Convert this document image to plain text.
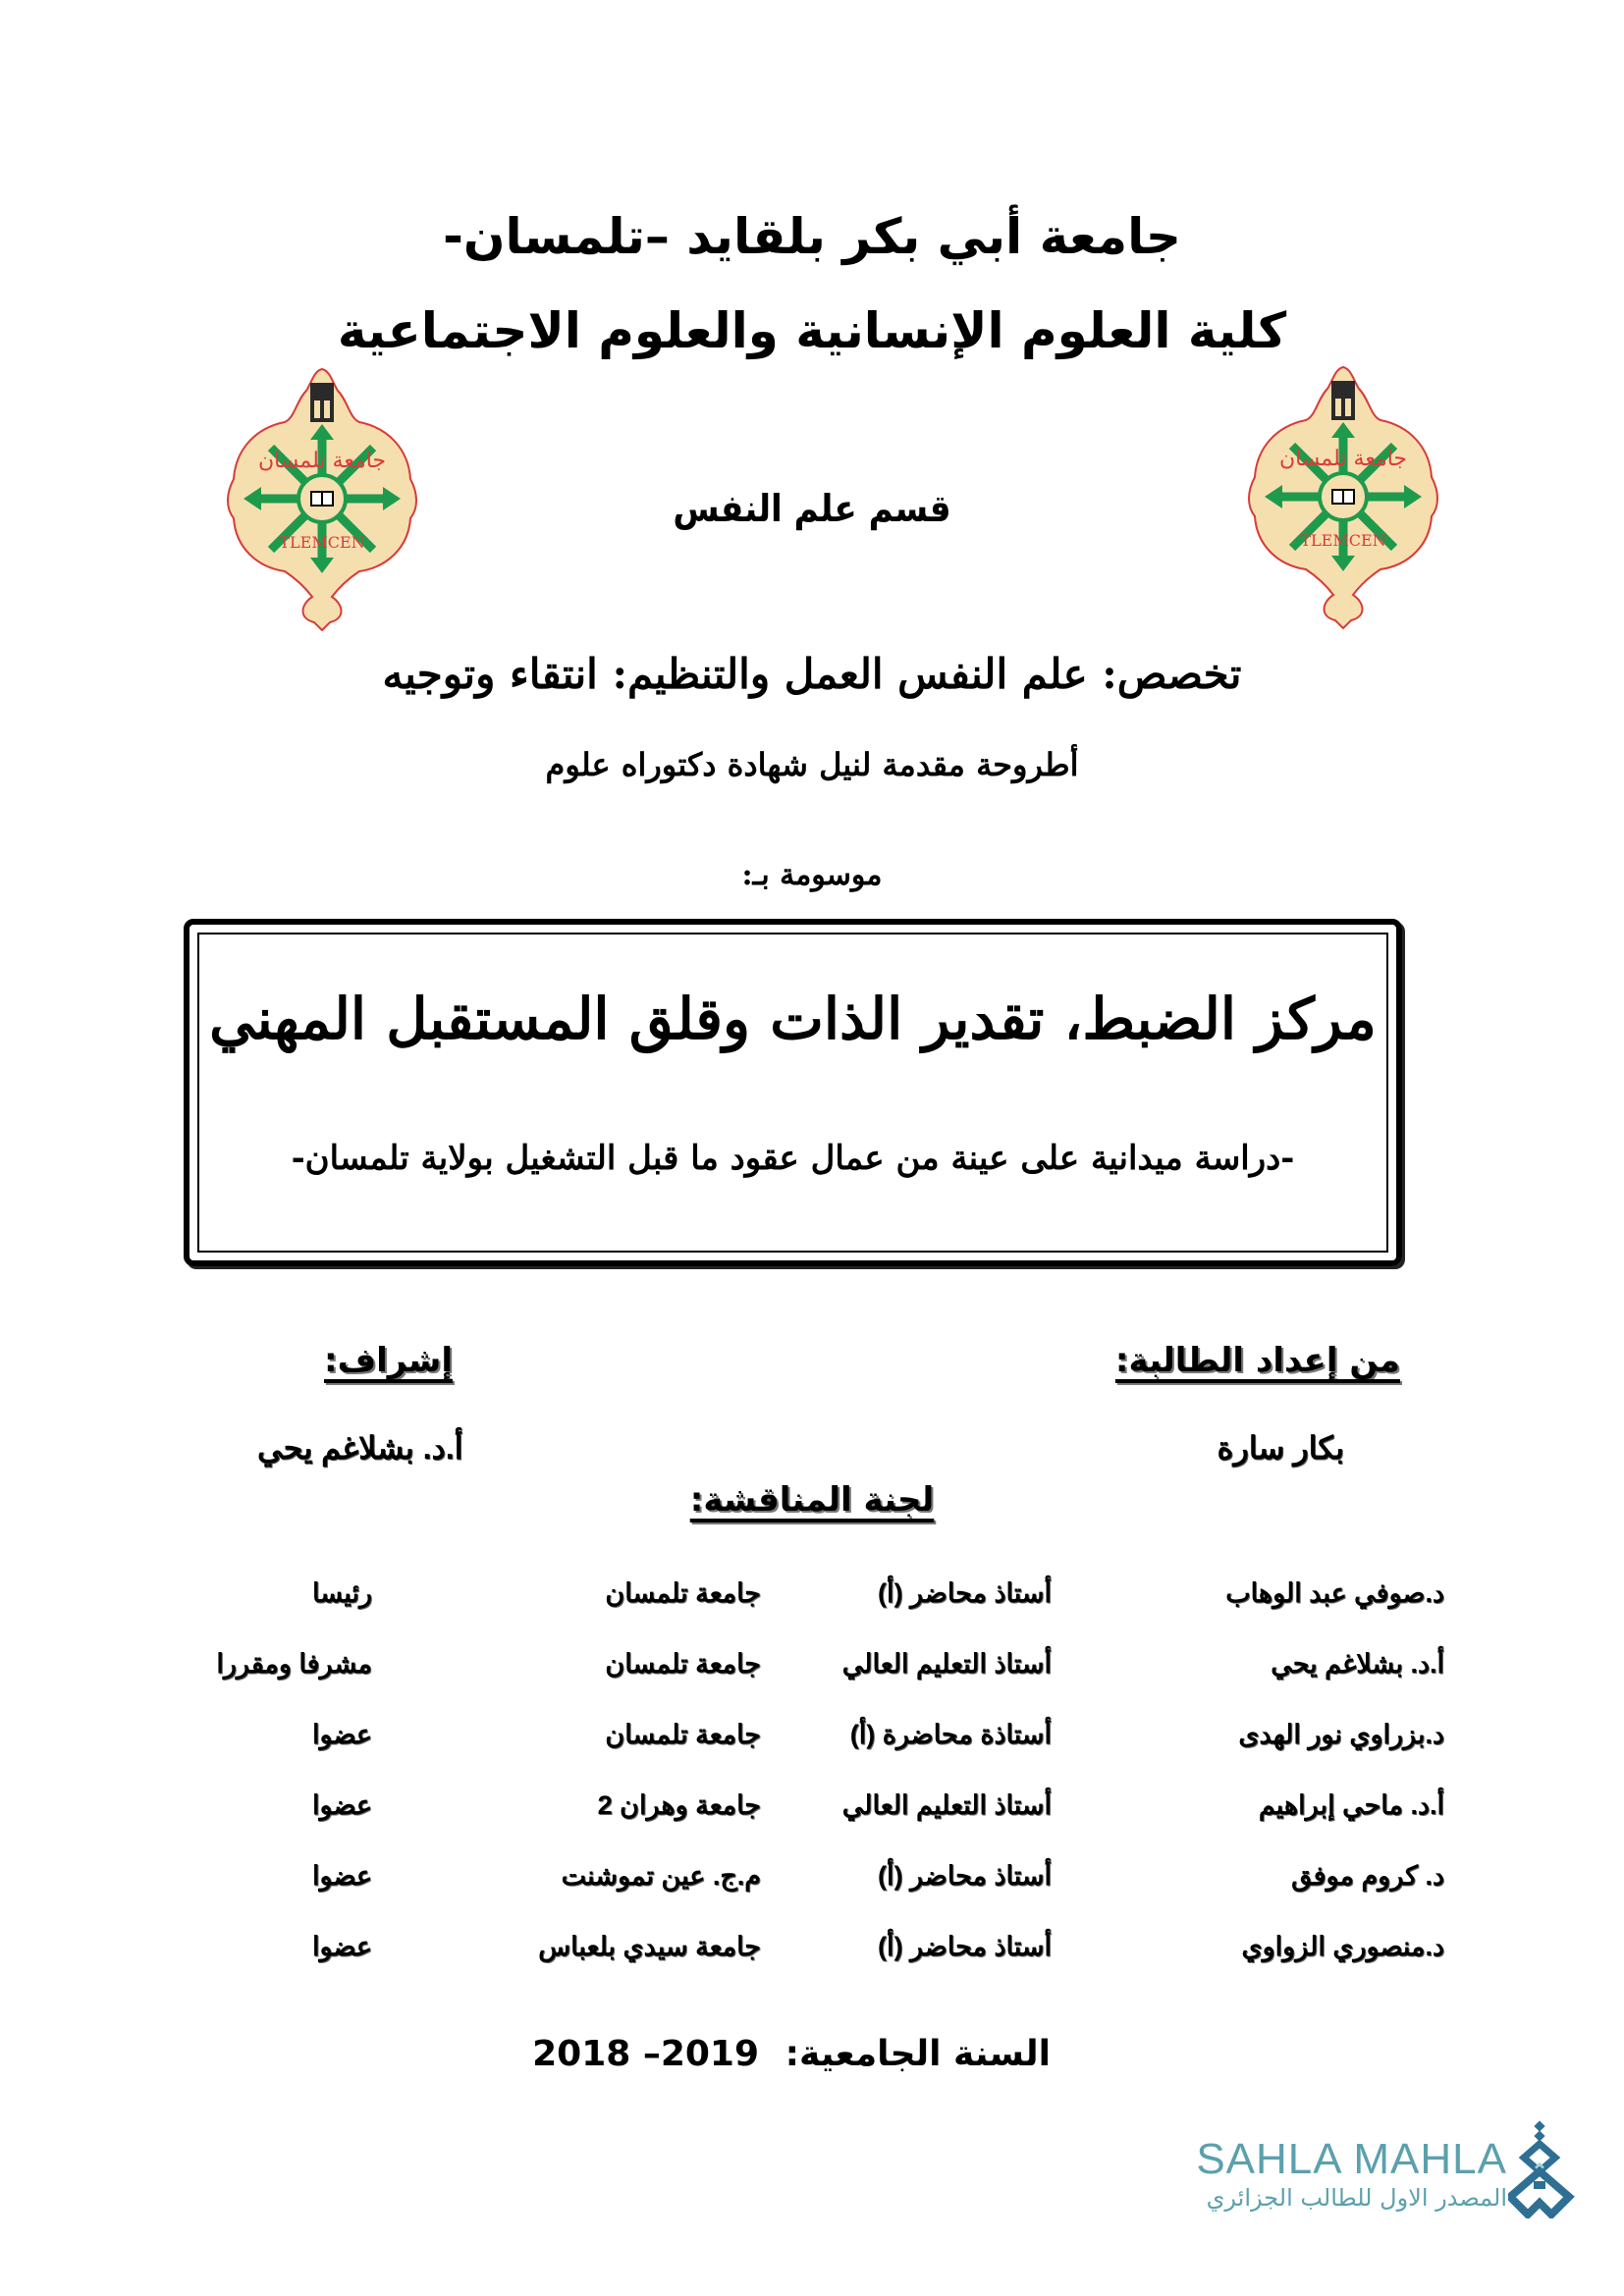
جامعة أبي بكر بلقايد –تلمسان-
كلية العلوم الإنسانية والعلوم الاجتماعية
جامعة تلمسان
TLEMCEN
جامعة تلمسان
TLEMCEN
قسم علم النفس
تخصص: علم النفس العمل والتنظيم: انتقاء وتوجيه
أطروحة مقدمة لنيل شهادة دكتوراه علوم
موسومة بـ:
مركز الضبط، تقدير الذات وقلق المستقبل المهني
-دراسة ميدانية على عينة من عمال عقود ما قبل التشغيل بولاية تلمسان-
من إعداد الطالبة:
إشراف:
بكار سارة
أ.د. بشلاغم يحي
لجنة المناقشة:
د.صوفي عبد الوهاب
أستاذ محاضر (أ)
جامعة تلمسان
رئيسا
أ.د. بشلاغم يحي
أستاذ التعليم العالي
جامعة تلمسان
مشرفا ومقررا
د.بزراوي نور الهدى
أستاذة محاضرة (أ)
جامعة تلمسان
عضوا
أ.د. ماحي إبراهيم
أستاذ التعليم العالي
جامعة وهران 2
عضوا
د. كروم موفق
أستاذ محاضر (أ)
م.ج. عين تموشنت
عضوا
د.منصوري الزواوي
أستاذ محاضر (أ)
جامعة سيدي بلعباس
عضوا
السنة الجامعية: 2018 –2019
SAHLA MAHLA
المصدر الاول للطالب الجزائري
